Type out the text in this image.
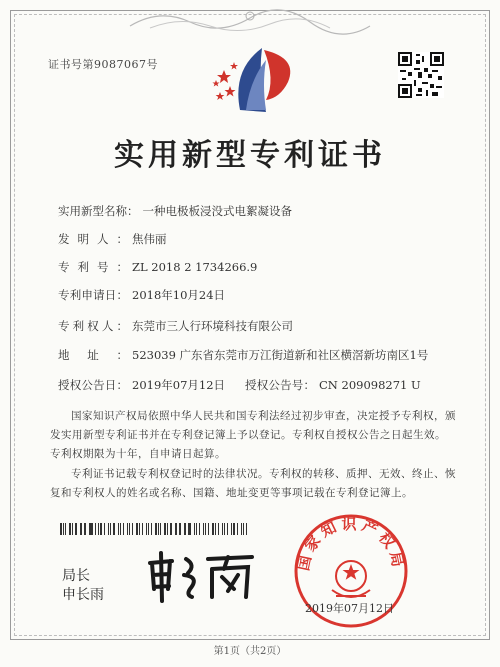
证书号第9087067号
实用新型专利证书
实用新型名称： 一种电极板浸没式电絮凝设备
发明人： 焦伟丽
专利号： ZL 2018 2 1734266.9
专利申请日： 2018年10月24日
专利权人： 东莞市三人行环境科技有限公司
地址： 523039 广东省东莞市万江街道新和社区横滘新坊南区1号
授权公告日： 2019年07月12日 授权公告号： CN 209098271 U
国家知识产权局依照中华人民共和国专利法经过初步审查，决定授予专利权，颁发实用新型专利证书并在专利登记簿上予以登记。专利权自授权公告之日起生效。专利权期限为十年，自申请日起算。
专利证书记载专利权登记时的法律状况。专利权的转移、质押、无效、终止、恢复和专利权人的姓名或名称、国籍、地址变更等事项记载在专利登记簿上。
局长
申长雨
国家知识产权局
2019年07月12日
第1页（共2页）
